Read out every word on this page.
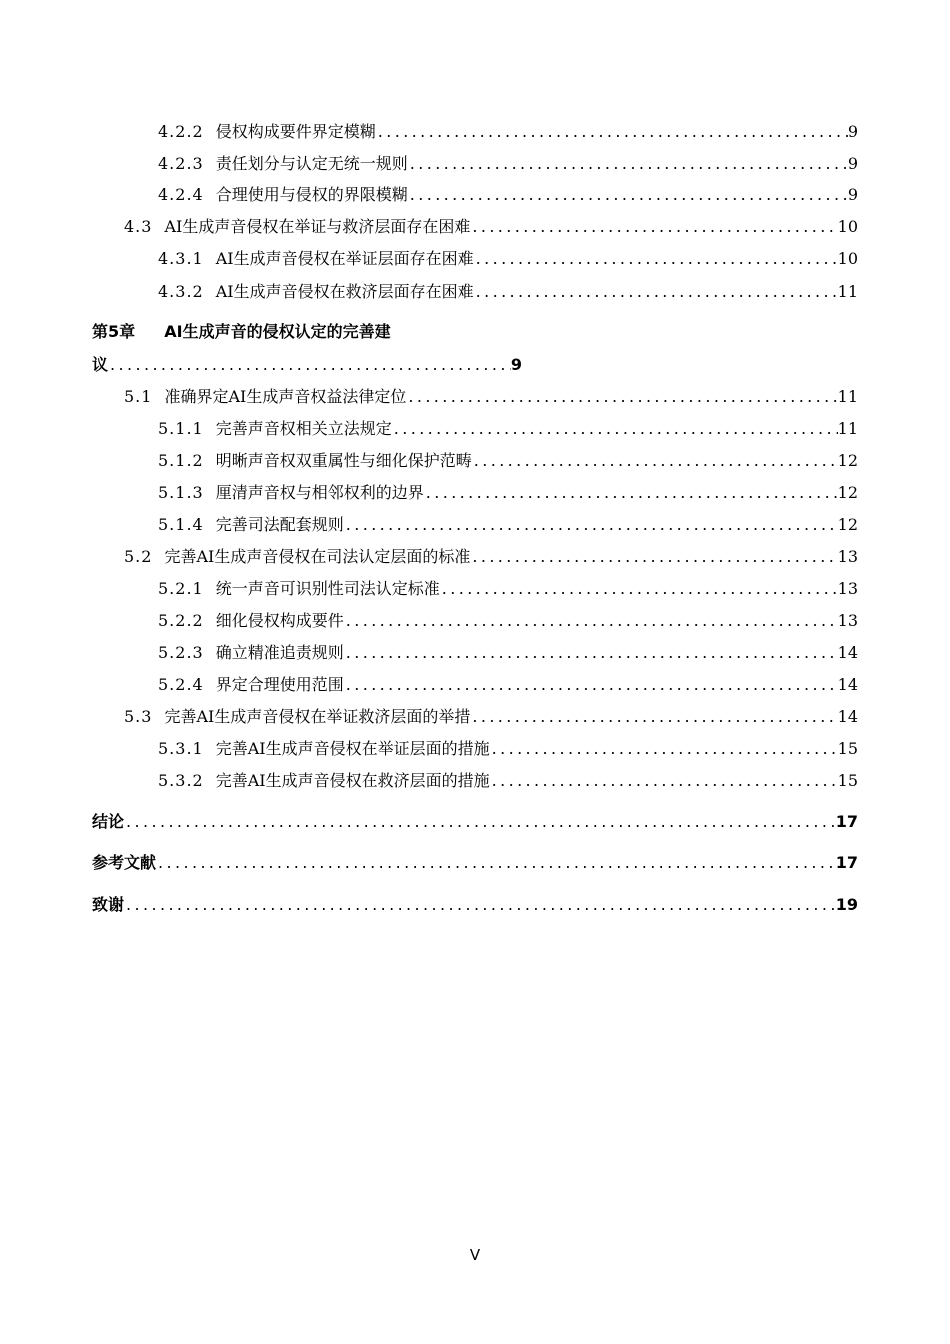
4.2.2 侵权构成要件界定模糊 .....	9
4.2.3 责任划分与认定无统一规则 .....	9
4.2.4 合理使用与侵权的界限模糊 .....	9
4.3 AI生成声音侵权在举证与救济层面存在困难 .....	10
4.3.1 AI生成声音侵权在举证层面存在困难 .....	10
4.3.2 AI生成声音侵权在救济层面存在困难 .....	11
第5章 AI生成声音的侵权认定的完善建
议 .....	9
5.1 准确界定AI生成声音权益法律定位 .....	11
5.1.1 完善声音权相关立法规定 .....	11
5.1.2 明晰声音权双重属性与细化保护范畴 .....	12
5.1.3 厘清声音权与相邻权利的边界 .....	12
5.1.4 完善司法配套规则 .....	12
5.2 完善AI生成声音侵权在司法认定层面的标准 .....	13
5.2.1 统一声音可识别性司法认定标准 .....	13
5.2.2 细化侵权构成要件 .....	13
5.2.3 确立精准追责规则 .....	14
5.2.4 界定合理使用范围 .....	14
5.3 完善AI生成声音侵权在举证救济层面的举措 .....	14
5.3.1 完善AI生成声音侵权在举证层面的措施 .....	15
5.3.2 完善AI生成声音侵权在救济层面的措施 .....	15
结论 .....	17
参考文献 .....	17
致谢 .....	19
V
